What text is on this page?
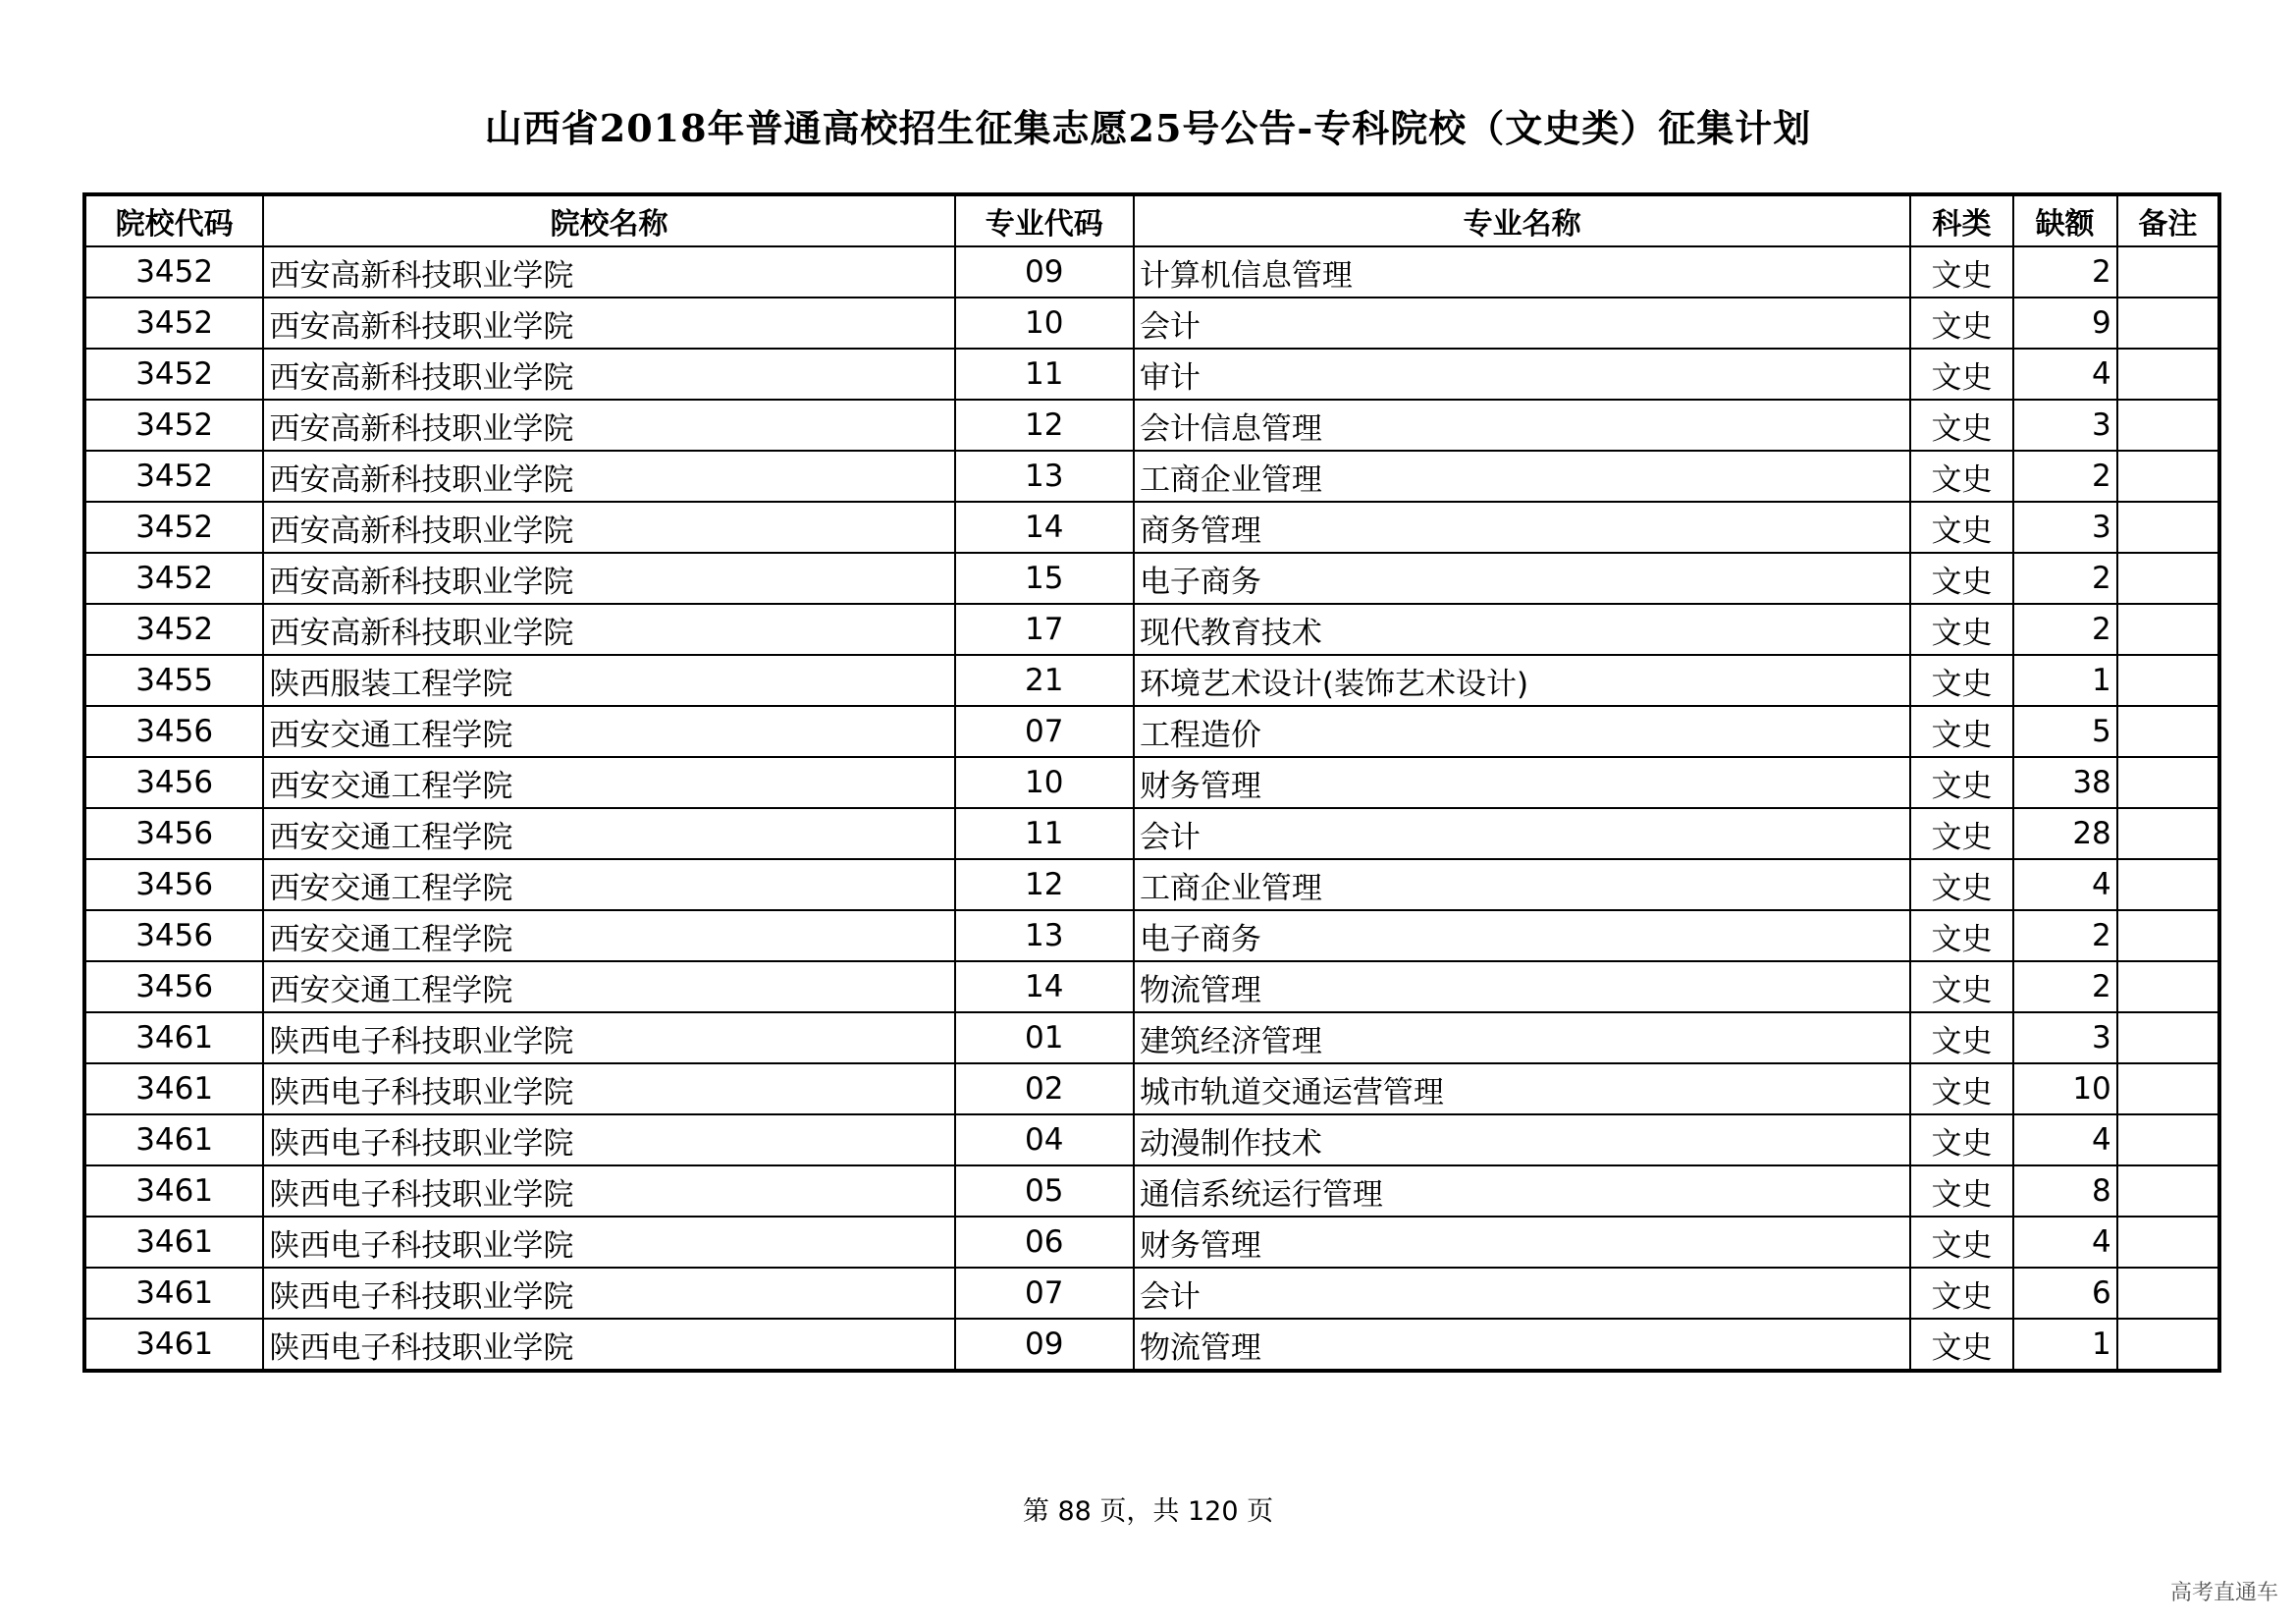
山西省2018年普通高校招生征集志愿25号公告-专科院校（文史类）征集计划
院校代码	院校名称	专业代码	专业名称	科类	缺额	备注
3452	西安高新科技职业学院	09	计算机信息管理	文史	2	
3452	西安高新科技职业学院	10	会计	文史	9	
3452	西安高新科技职业学院	11	审计	文史	4	
3452	西安高新科技职业学院	12	会计信息管理	文史	3	
3452	西安高新科技职业学院	13	工商企业管理	文史	2	
3452	西安高新科技职业学院	14	商务管理	文史	3	
3452	西安高新科技职业学院	15	电子商务	文史	2	
3452	西安高新科技职业学院	17	现代教育技术	文史	2	
3455	陕西服装工程学院	21	环境艺术设计(装饰艺术设计)	文史	1	
3456	西安交通工程学院	07	工程造价	文史	5	
3456	西安交通工程学院	10	财务管理	文史	38	
3456	西安交通工程学院	11	会计	文史	28	
3456	西安交通工程学院	12	工商企业管理	文史	4	
3456	西安交通工程学院	13	电子商务	文史	2	
3456	西安交通工程学院	14	物流管理	文史	2	
3461	陕西电子科技职业学院	01	建筑经济管理	文史	3	
3461	陕西电子科技职业学院	02	城市轨道交通运营管理	文史	10	
3461	陕西电子科技职业学院	04	动漫制作技术	文史	4	
3461	陕西电子科技职业学院	05	通信系统运行管理	文史	8	
3461	陕西电子科技职业学院	06	财务管理	文史	4	
3461	陕西电子科技职业学院	07	会计	文史	6	
3461	陕西电子科技职业学院	09	物流管理	文史	1	
第 88 页，共 120 页
高考直通车
